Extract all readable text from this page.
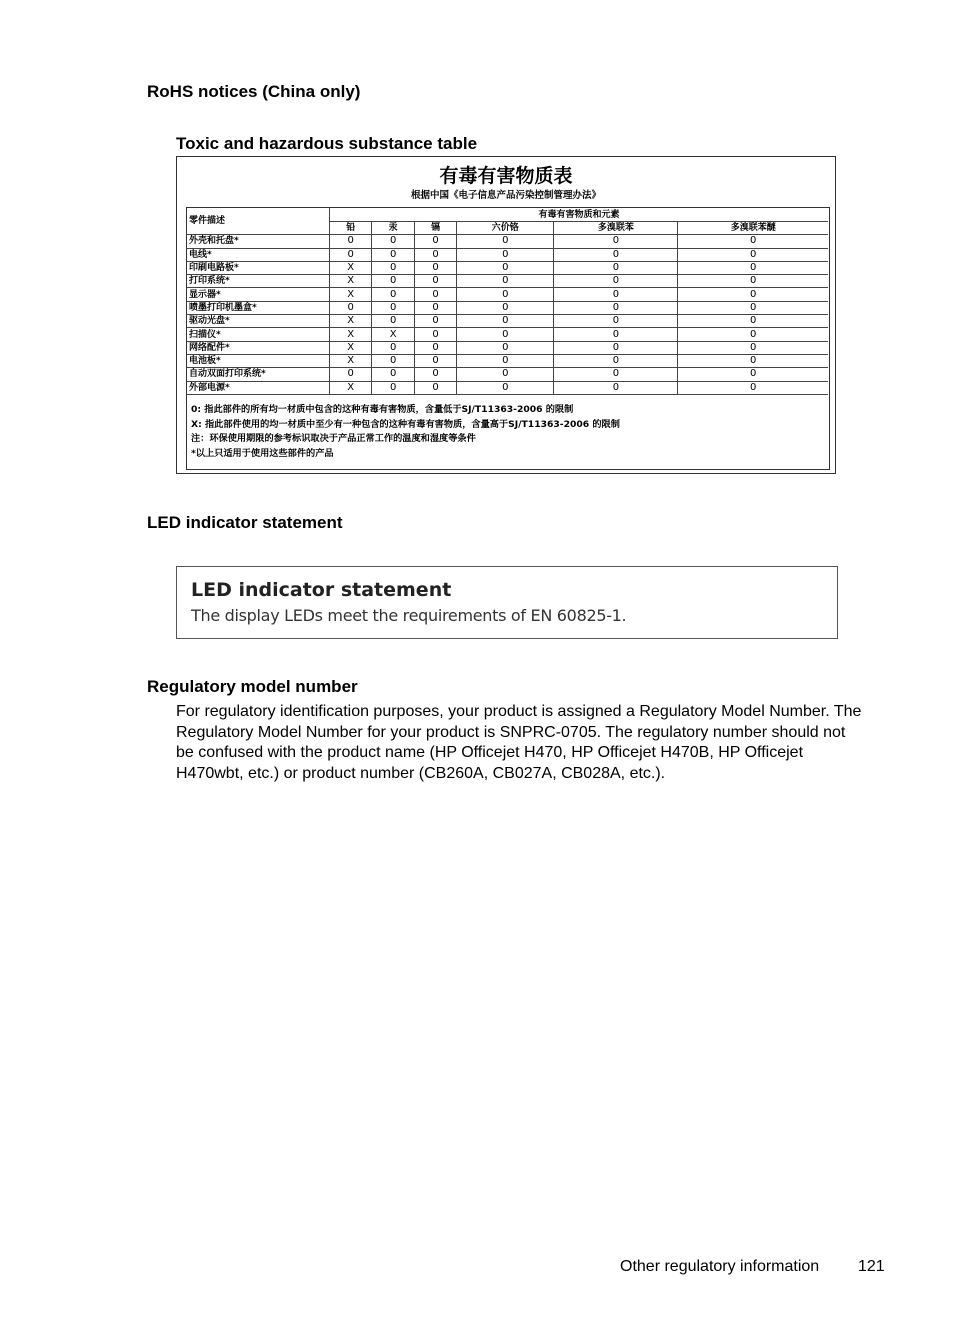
RoHS notices (China only)
Toxic and hazardous substance table
有毒有害物质表
根据中国《电子信息产品污染控制管理办法》
零件描述	有毒有害物质和元素					
	铅	汞	镉	六价铬	多溴联苯	多溴联苯醚
外壳和托盘*	0	0	0	0	0	0
电线*	0	0	0	0	0	0
印刷电路板*	X	0	0	0	0	0
打印系统*	X	0	0	0	0	0
显示器*	X	0	0	0	0	0
喷墨打印机墨盒*	0	0	0	0	0	0
驱动光盘*	X	0	0	0	0	0
扫描仪*	X	X	0	0	0	0
网络配件*	X	0	0	0	0	0
电池板*	X	0	0	0	0	0
自动双面打印系统*	0	0	0	0	0	0
外部电源*	X	0	0	0	0	0
0: 指此部件的所有均一材质中包含的这种有毒有害物质，含量低于SJ/T11363-2006 的限制
X: 指此部件使用的均一材质中至少有一种包含的这种有毒有害物质，含量高于SJ/T11363-2006 的限制
注：环保使用期限的参考标识取决于产品正常工作的温度和湿度等条件
*以上只适用于使用这些部件的产品
LED indicator statement
LED indicator statement
The display LEDs meet the requirements of EN 60825-1.
Regulatory model number
For regulatory identification purposes, your product is assigned a Regulatory Model Number. The
Regulatory Model Number for your product is SNPRC-0705. The regulatory number should not
be confused with the product name (HP Officejet H470, HP Officejet H470B, HP Officejet
H470wbt, etc.) or product number (CB260A, CB027A, CB028A, etc.).
Other regulatory information 121
